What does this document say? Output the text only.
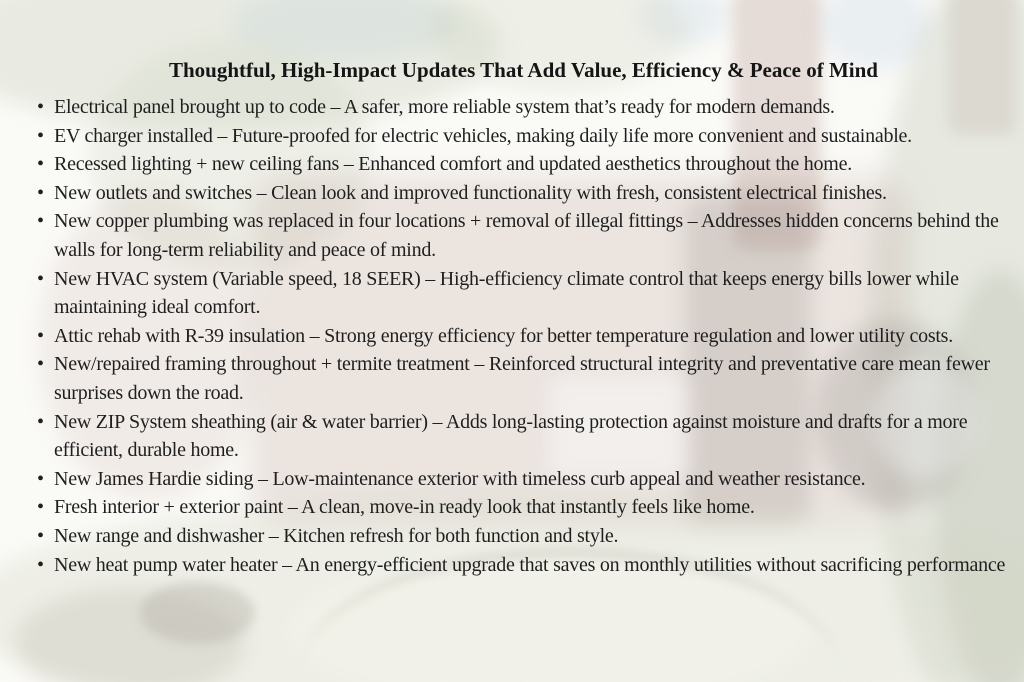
Thoughtful, High-Impact Updates That Add Value, Efficiency & Peace of Mind
• Electrical panel brought up to code – A safer, more reliable system that’s ready for modern demands.
• EV charger installed – Future-proofed for electric vehicles, making daily life more convenient and sustainable.
• Recessed lighting + new ceiling fans – Enhanced comfort and updated aesthetics throughout the home.
• New outlets and switches – Clean look and improved functionality with fresh, consistent electrical finishes.
• New copper plumbing was replaced in four locations + removal of illegal fittings – Addresses hidden concerns behind the walls for long-term reliability and peace of mind.
• New HVAC system (Variable speed, 18 SEER) – High-efficiency climate control that keeps energy bills lower while maintaining ideal comfort.
• Attic rehab with R-39 insulation – Strong energy efficiency for better temperature regulation and lower utility costs.
• New/repaired framing throughout + termite treatment – Reinforced structural integrity and preventative care mean fewer surprises down the road.
• New ZIP System sheathing (air & water barrier) – Adds long-lasting protection against moisture and drafts for a more efficient, durable home.
• New James Hardie siding – Low-maintenance exterior with timeless curb appeal and weather resistance.
• Fresh interior + exterior paint – A clean, move-in ready look that instantly feels like home.
• New range and dishwasher – Kitchen refresh for both function and style.
• New heat pump water heater – An energy-efficient upgrade that saves on monthly utilities without sacrificing performance
